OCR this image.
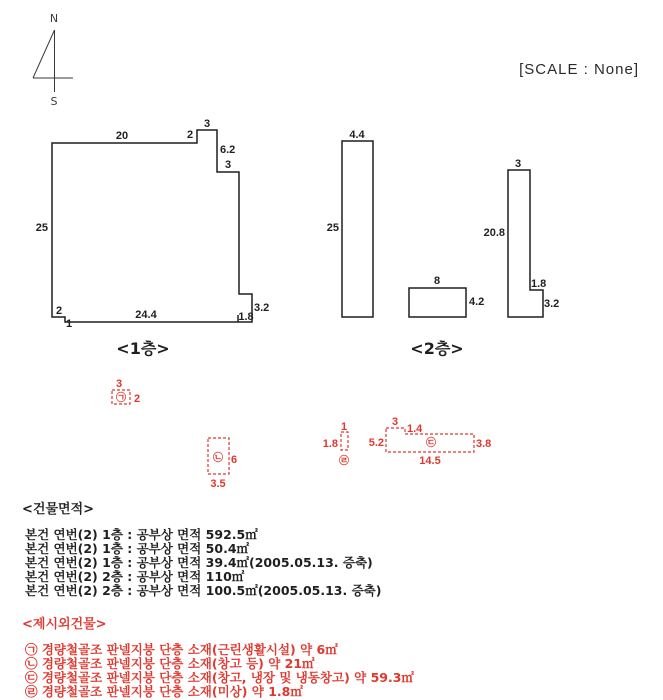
N
S
20	2
3
6.2
3
25
2
1
24.4	1.8
3.2
<1층>
4.4
25
8
4.2
3
20.8
1.8
3.2
<2층>
3
2
㉠
6
3.5
㉡
1
1.8
㉣
3
1.4
5.2	3.8
14.5
㉢
[SCALE : None]
<건물면적>
본건 연번(2) 1층 : 공부상 면적 592.5㎡
본건 연번(2) 1층 : 공부상 면적 50.4㎡
본건 연번(2) 1층 : 공부상 면적 39.4㎡(2005.05.13. 증축)
본건 연번(2) 2층 : 공부상 면적 110㎡
본건 연번(2) 2층 : 공부상 면적 100.5㎡(2005.05.13. 증축)
<제시외건물>
㉠ 경량철골조 판넬지붕 단층 소재(근린생활시설) 약 6㎡
㉡ 경량철골조 판넬지붕 단층 소재(창고 등) 약 21㎡
㉢ 경량철골조 판넬지붕 단층 소재(창고, 냉장 및 냉동창고) 약 59.3㎡
㉣ 경량철골조 판넬지붕 단층 소재(미상) 약 1.8㎡
